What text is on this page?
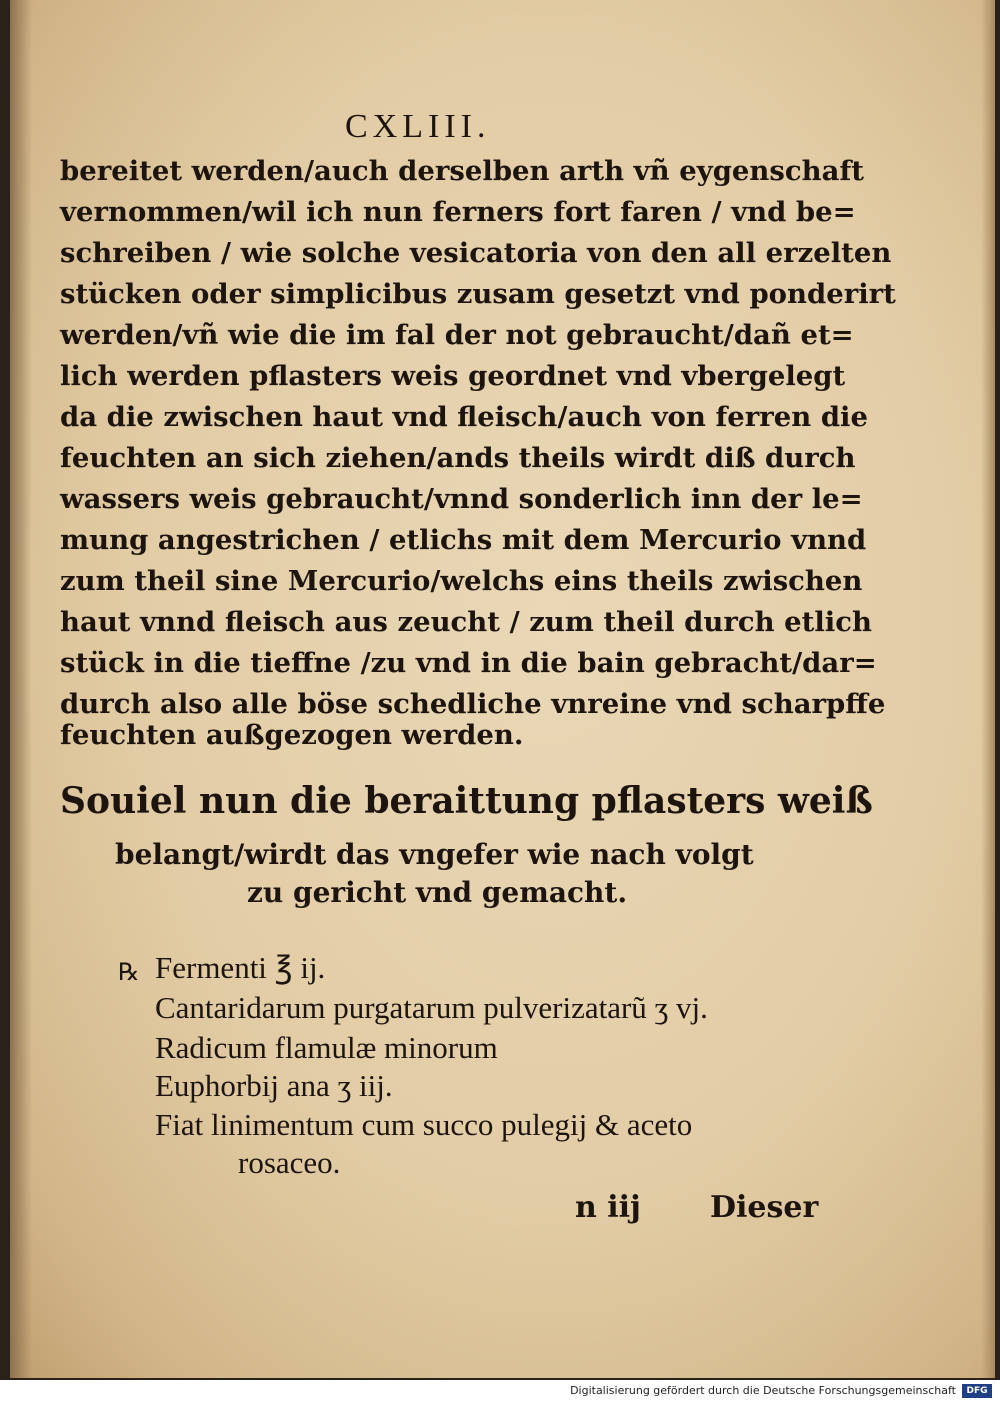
CXLIII.
bereitet werden/auch derselben arth vñ eygenschaft
vernommen/wil ich nun ferners fort faren / vnd be=
schreiben / wie solche vesicatoria von den all erzelten
stücken oder simplicibus zusam gesetzt vnd ponderirt
werden/vñ wie die im fal der not gebraucht/dañ et=
lich werden pflasters weis geordnet vnd vbergelegt
da die zwischen haut vnd fleisch/auch von ferren die
feuchten an sich ziehen/ands theils wirdt diß durch
wassers weis gebraucht/vnnd sonderlich inn der le=
mung angestrichen / etlichs mit dem Mercurio vnnd
zum theil sine Mercurio/welchs eins theils zwischen
haut vnnd fleisch aus zeucht / zum theil durch etlich
stück in die tieffne /zu vnd in die bain gebracht/dar=
durch also alle böse schedliche vnreine vnd scharpffe
feuchten außgezogen werden.
Souiel nun die beraittung pflasters weiß
belangt/wirdt das vngefer wie nach volgt
zu gericht vnd gemacht.
℞ Fermenti ℥ ij.
Cantaridarum purgatarum pulverizatarũ ʒ vj.
Radicum flamulæ minorum
Euphorbij ana ʒ iij.
Fiat linimentum cum succo pulegij & aceto
rosaceo.
n iij Dieser
Digitalisierung gefördert durch die Deutsche Forschungsgemeinschaft	DFG
